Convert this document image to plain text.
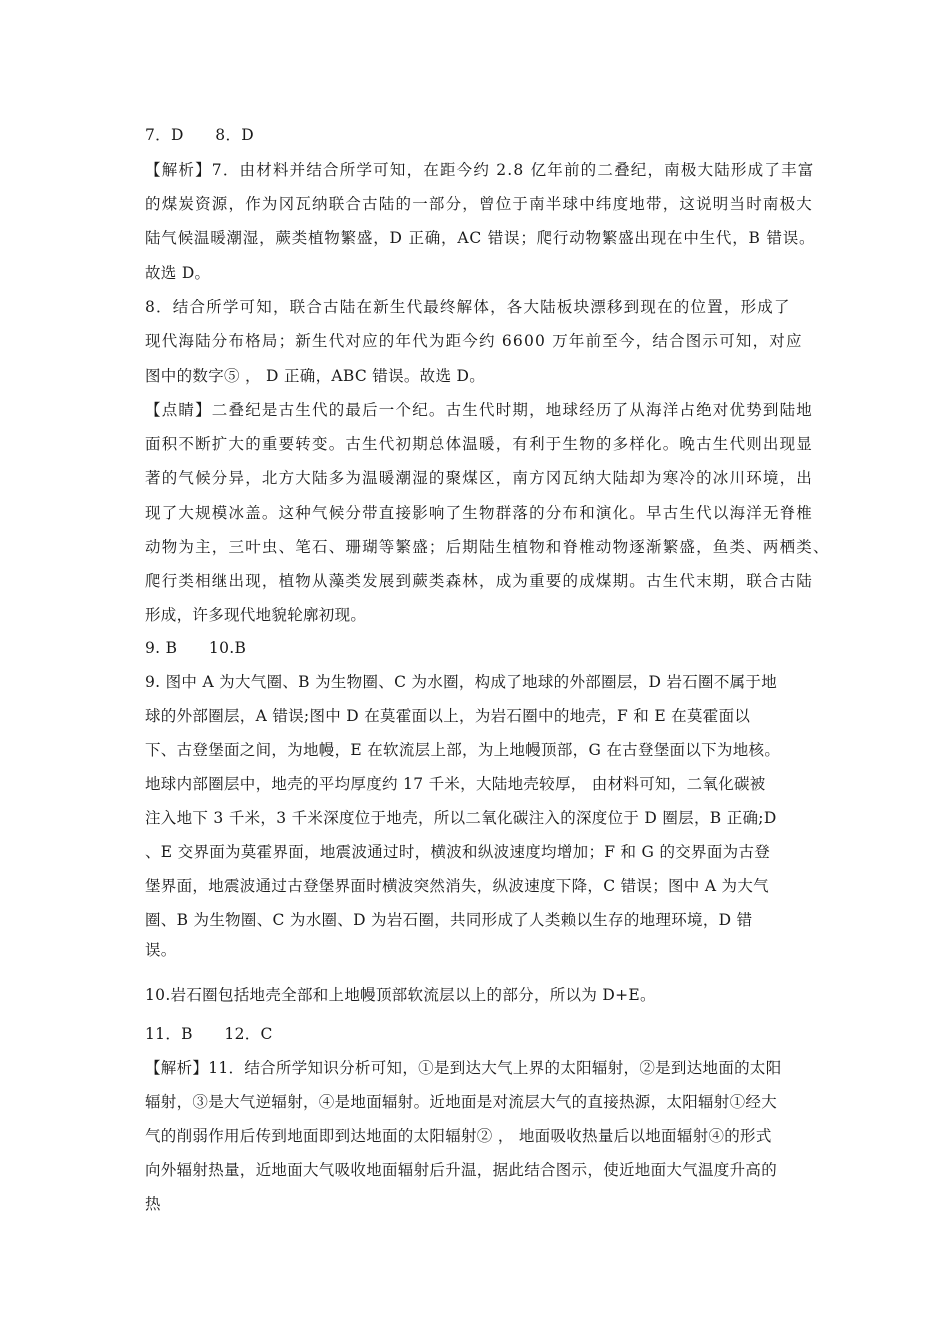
7．D　　8．D
【解析】7．由材料并结合所学可知，在距今约 2.8 亿年前的二叠纪，南极大陆形成了丰富
的煤炭资源，作为冈瓦纳联合古陆的一部分，曾位于南半球中纬度地带，这说明当时南极大
陆气候温暖潮湿，蕨类植物繁盛，D 正确，AC 错误；爬行动物繁盛出现在中生代，B 错误。
故选 D。
8．结合所学可知，联合古陆在新生代最终解体，各大陆板块漂移到现在的位置，形成了
现代海陆分布格局；新生代对应的年代为距今约 6600 万年前至今，结合图示可知，对应
图中的数字⑤ ， D 正确，ABC 错误。故选 D。
【点睛】二叠纪是古生代的最后一个纪。古生代时期，地球经历了从海洋占绝对优势到陆地
面积不断扩大的重要转变。古生代初期总体温暖，有利于生物的多样化。晚古生代则出现显
著的气候分异，北方大陆多为温暖潮湿的聚煤区，南方冈瓦纳大陆却为寒冷的冰川环境，出
现了大规模冰盖。这种气候分带直接影响了生物群落的分布和演化。早古生代以海洋无脊椎
动物为主，三叶虫、笔石、珊瑚等繁盛；后期陆生植物和脊椎动物逐渐繁盛，鱼类、两栖类、
爬行类相继出现，植物从藻类发展到蕨类森林，成为重要的成煤期。古生代末期，联合古陆
形成，许多现代地貌轮廓初现。
9. B　　10.B
9. 图中 A 为大气圈、B 为生物圈、C 为水圈，构成了地球的外部圈层，D 岩石圈不属于地
球的外部圈层，A 错误;图中 D 在莫霍面以上，为岩石圈中的地壳，F 和 E 在莫霍面以
下、古登堡面之间，为地幔，E 在软流层上部，为上地幔顶部，G 在古登堡面以下为地核。
地球内部圈层中，地壳的平均厚度约 17 千米，大陆地壳较厚， 由材料可知，二氧化碳被
注入地下 3 千米，3 千米深度位于地壳，所以二氧化碳注入的深度位于 D 圈层，B 正确;D
、E 交界面为莫霍界面，地震波通过时，横波和纵波速度均增加；F 和 G 的交界面为古登
堡界面，地震波通过古登堡界面时横波突然消失，纵波速度下降，C 错误；图中 A 为大气
圈、B 为生物圈、C 为水圈、D 为岩石圈，共同形成了人类赖以生存的地理环境，D 错
误。
10.岩石圈包括地壳全部和上地幔顶部软流层以上的部分，所以为 D+E。
11．B　　12．C
【解析】11．结合所学知识分析可知，①是到达大气上界的太阳辐射，②是到达地面的太阳
辐射，③是大气逆辐射，④是地面辐射。近地面是对流层大气的直接热源，太阳辐射①经大
气的削弱作用后传到地面即到达地面的太阳辐射② ， 地面吸收热量后以地面辐射④的形式
向外辐射热量，近地面大气吸收地面辐射后升温，据此结合图示，使近地面大气温度升高的
热
